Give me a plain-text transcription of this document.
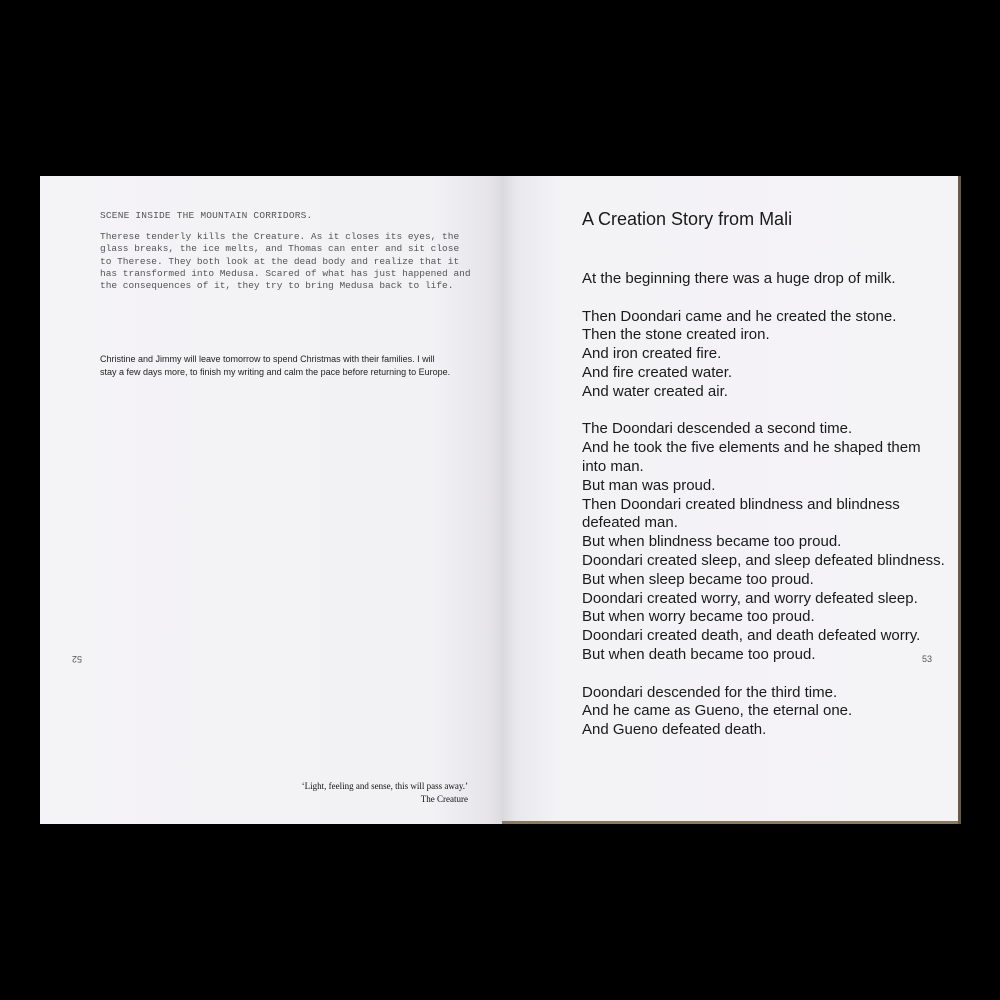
SCENE INSIDE THE MOUNTAIN CORRIDORS.
Therese tenderly kills the Creature. As it closes its eyes, the
glass breaks, the ice melts, and Thomas can enter and sit close
to Therese. They both look at the dead body and realize that it
has transformed into Medusa. Scared of what has just happened and
the consequences of it, they try to bring Medusa back to life.
Christine and Jimmy will leave tomorrow to spend Christmas with their families. I will
stay a few days more, to finish my writing and calm the pace before returning to Europe.
52
‘Light, feeling and sense, this will pass away.’
The Creature
A Creation Story from Mali
At the beginning there was a huge drop of milk.
Then Doondari came and he created the stone.
Then the stone created iron.
And iron created fire.
And fire created water.
And water created air.
The Doondari descended a second time.
And he took the five elements and he shaped them
into man.
But man was proud.
Then Doondari created blindness and blindness
defeated man.
But when blindness became too proud.
Doondari created sleep, and sleep defeated blindness.
But when sleep became too proud.
Doondari created worry, and worry defeated sleep.
But when worry became too proud.
Doondari created death, and death defeated worry.
But when death became too proud.
Doondari descended for the third time.
And he came as Gueno, the eternal one.
And Gueno defeated death.
53
